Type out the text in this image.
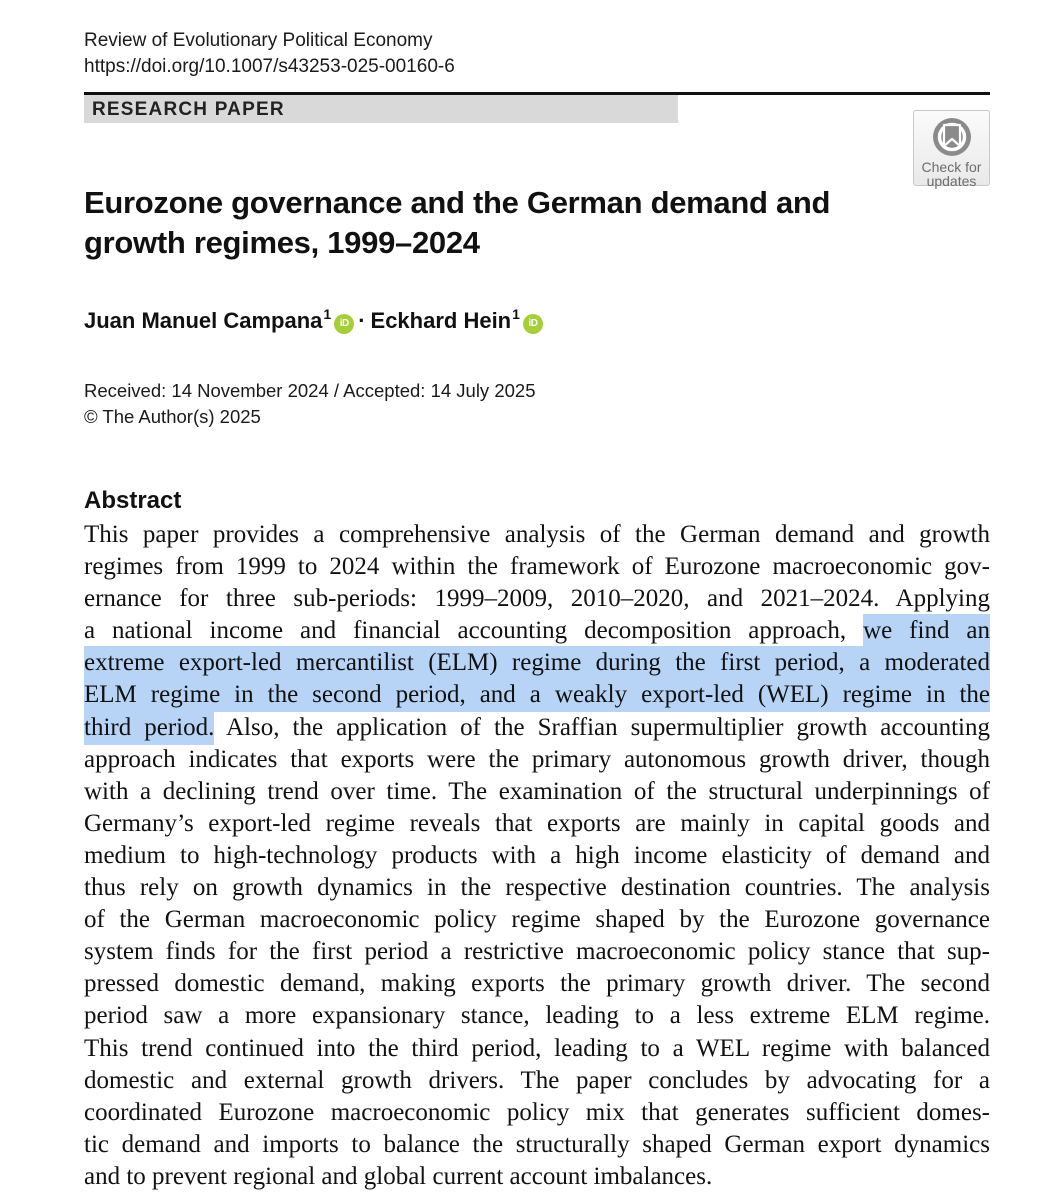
Review of Evolutionary Political Economy
https://doi.org/10.1007/s43253-025-00160-6
RESEARCH PAPER
Check for
updates
Eurozone governance and the German demand and growth regimes, 1999–2024
Juan Manuel Campana$^1$iD · Eckhard Hein$^1$iD
Received: 14 November 2024 / Accepted: 14 July 2025
© The Author(s) 2025
Abstract
This paper provides a comprehensive analysis of the German demand and growth
regimes from 1999 to 2024 within the framework of Eurozone macroeconomic gov-
ernance for three sub-periods: 1999–2009, 2010–2020, and 2021–2024. Applying
a national income and financial accounting decomposition approach, we find an
extreme export-led mercantilist (ELM) regime during the first period, a moderated
ELM regime in the second period, and a weakly export-led (WEL) regime in the
third period. Also, the application of the Sraffian supermultiplier growth accounting
approach indicates that exports were the primary autonomous growth driver, though
with a declining trend over time. The examination of the structural underpinnings of
Germany’s export-led regime reveals that exports are mainly in capital goods and
medium to high-technology products with a high income elasticity of demand and
thus rely on growth dynamics in the respective destination countries. The analysis
of the German macroeconomic policy regime shaped by the Eurozone governance
system finds for the first period a restrictive macroeconomic policy stance that sup-
pressed domestic demand, making exports the primary growth driver. The second
period saw a more expansionary stance, leading to a less extreme ELM regime.
This trend continued into the third period, leading to a WEL regime with balanced
domestic and external growth drivers. The paper concludes by advocating for a
coordinated Eurozone macroeconomic policy mix that generates sufficient domes-
tic demand and imports to balance the structurally shaped German export dynamics
and to prevent regional and global current account imbalances.
